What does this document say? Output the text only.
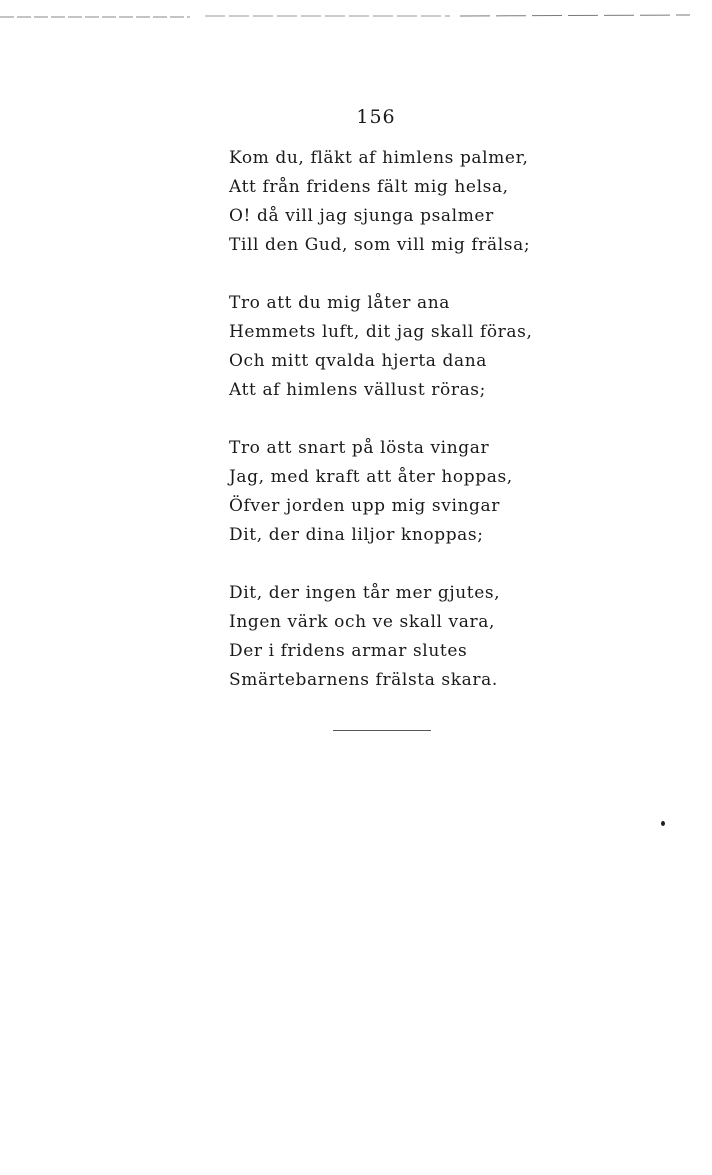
156
Kom du, fläkt af himlens palmer,
Att från fridens fält mig helsa,
O! då vill jag sjunga psalmer
Till den Gud, som vill mig frälsa;
Tro att du mig låter ana
Hemmets luft, dit jag skall föras,
Och mitt qvalda hjerta dana
Att af himlens vällust röras;
Tro att snart på lösta vingar
Jag, med kraft att åter hoppas,
Öfver jorden upp mig svingar
Dit, der dina liljor knoppas;
Dit, der ingen tår mer gjutes,
Ingen värk och ve skall vara,
Der i fridens armar slutes
Smärtebarnens frälsta skara.
